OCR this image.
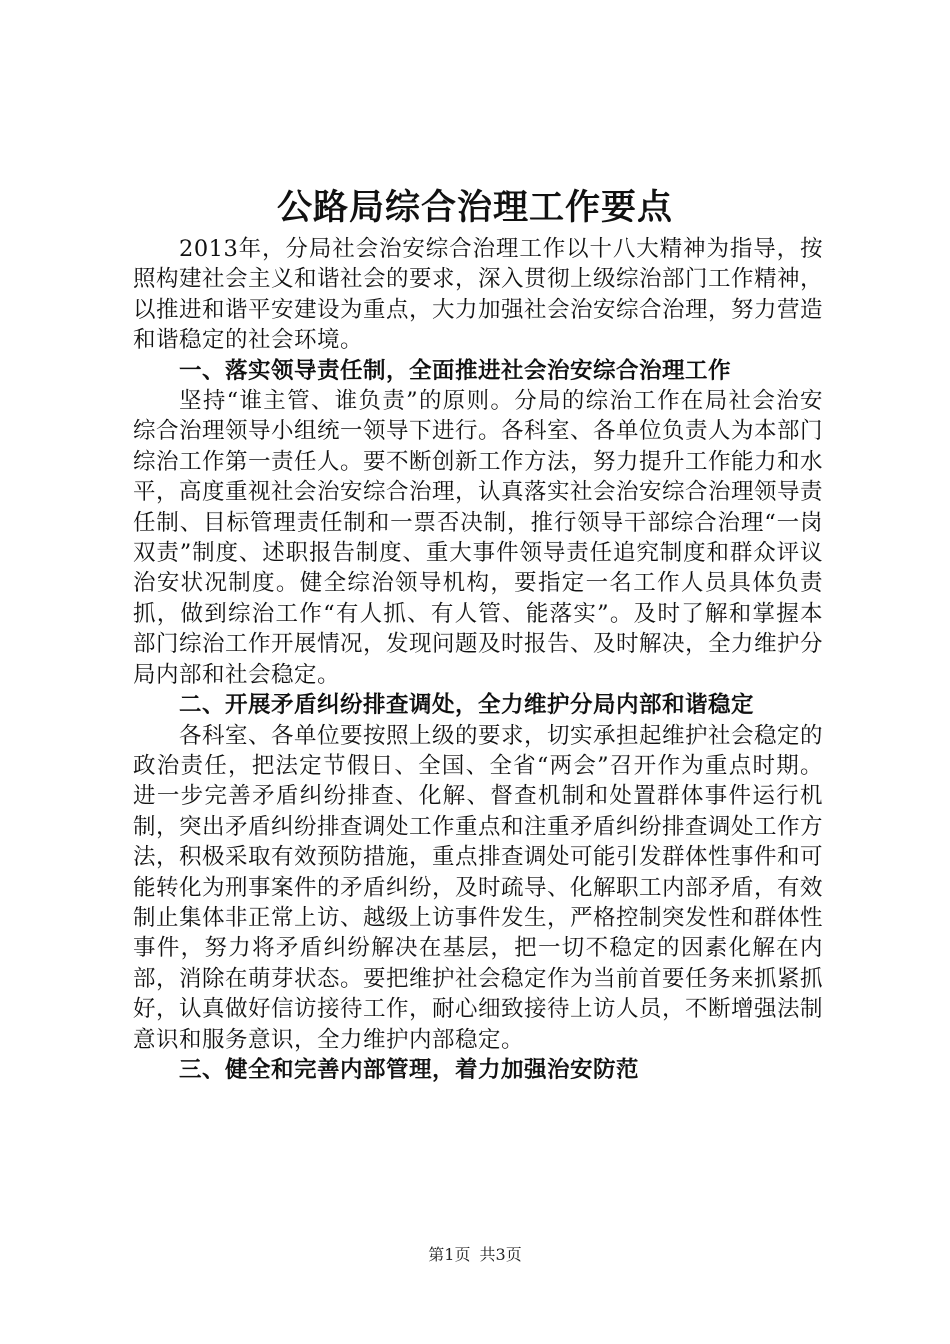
公路局综合治理工作要点

2013年，分局社会治安综合治理工作以十八大精神为指导，按照构建社会主义和谐社会的要求，深入贯彻上级综治部门工作精神，以推进和谐平安建设为重点，大力加强社会治安综合治理，努力营造和谐稳定的社会环境。

一、落实领导责任制，全面推进社会治安综合治理工作

坚持“谁主管、谁负责”的原则。分局的综治工作在局社会治安综合治理领导小组统一领导下进行。各科室、各单位负责人为本部门综治工作第一责任人。要不断创新工作方法，努力提升工作能力和水平，高度重视社会治安综合治理，认真落实社会治安综合治理领导责任制、目标管理责任制和一票否决制，推行领导干部综合治理“一岗双责”制度、述职报告制度、重大事件领导责任追究制度和群众评议治安状况制度。健全综治领导机构，要指定一名工作人员具体负责抓，做到综治工作“有人抓、有人管、能落实”。及时了解和掌握本部门综治工作开展情况，发现问题及时报告、及时解决，全力维护分局内部和社会稳定。

二、开展矛盾纠纷排查调处，全力维护分局内部和谐稳定

各科室、各单位要按照上级的要求，切实承担起维护社会稳定的政治责任，把法定节假日、全国、全省“两会”召开作为重点时期。进一步完善矛盾纠纷排查、化解、督查机制和处置群体事件运行机制，突出矛盾纠纷排查调处工作重点和注重矛盾纠纷排查调处工作方法，积极采取有效预防措施，重点排查调处可能引发群体性事件和可能转化为刑事案件的矛盾纠纷，及时疏导、化解职工内部矛盾，有效制止集体非正常上访、越级上访事件发生，严格控制突发性和群体性事件，努力将矛盾纠纷解决在基层，把一切不稳定的因素化解在内部，消除在萌芽状态。要把维护社会稳定作为当前首要任务来抓紧抓好，认真做好信访接待工作，耐心细致接待上访人员，不断增强法制意识和服务意识，全力维护内部稳定。

三、健全和完善内部管理，着力加强治安防范

第1页 共3页
